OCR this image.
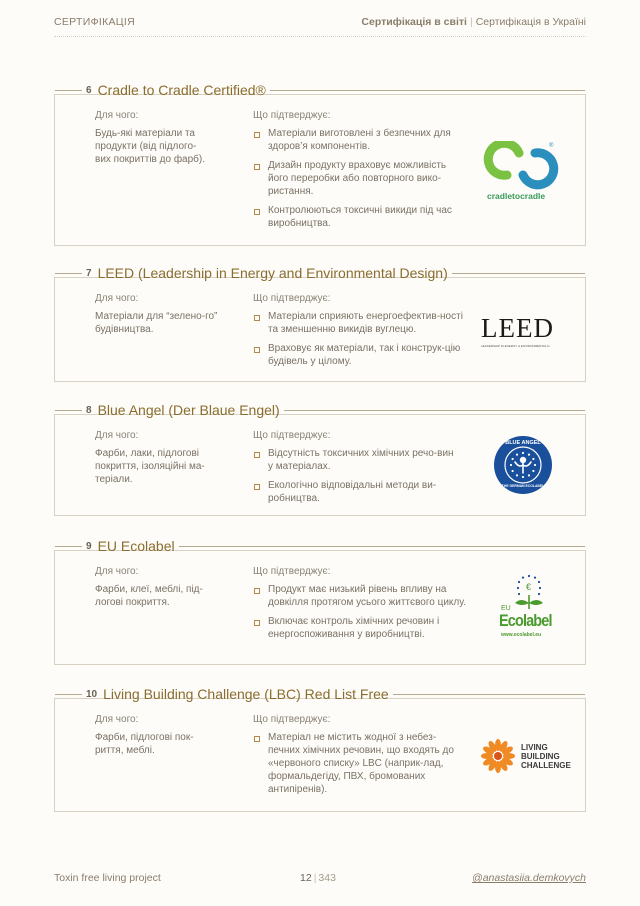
СЕРТИФІКАЦІЯ	Сертифікація в світі | Сертифікація в Україні
6 Cradle to Cradle Certified®
Для чого:
Будь-які матеріали та продукти (від підлого-вих покриттів до фарб).
Що підтверджує:
Матеріали виготовлені з безпечних для здоров’я компонентів.
Дизайн продукту враховує можливість його переробки або повторного вико-ристання.
Контролюються токсичні викиди під час виробництва.
®
cradletocradle
7 LEED (Leadership in Energy and Environmental Design)
Для чого:
Матеріали для “зелено-го” будівництва.
Що підтверджує:
Матеріали сприяють енергоефектив-ності та зменшенню викидів вуглецю.
Враховує як матеріали, так і конструк-цію будівель у цілому.
LEED
LEADERSHIP IN ENERGY & ENVIRONMENTAL D.
8 Blue Angel (Der Blaue Engel)
Для чого:
Фарби, лаки, підлогові покриття, ізоляційні ма-теріали.
Що підтверджує:
Відсутність токсичних хімічних речо-вин у матеріалах.
Екологічно відповідальні методи ви-робництва.
BLUE ANGEL
THE GERMAN ECOLABEL
9 EU Ecolabel
Для чого:
Фарби, клеї, меблі, під-логові покриття.
Що підтверджує:
Продукт має низький рівень впливу на довкілля протягом усього життєвого циклу.
Включає контроль хімічних речовин і енергоспоживання у виробництві.
€
EU
Ecolabel
www.ecolabel.eu
10 Living Building Challenge (LBC) Red List Free
Для чого:
Фарби, підлогові пок-риття, меблі.
Що підтверджує:
Матеріал не містить жодної з небез-печних хімічних речовин, що входять до «червоного списку» LBC (наприк-лад, формальдегіду, ПВХ, бромованих антипіренів).
LIVING
BUILDING
CHALLENGE
Toxin free living project	12 | 343	@anastasiia.demkovych
